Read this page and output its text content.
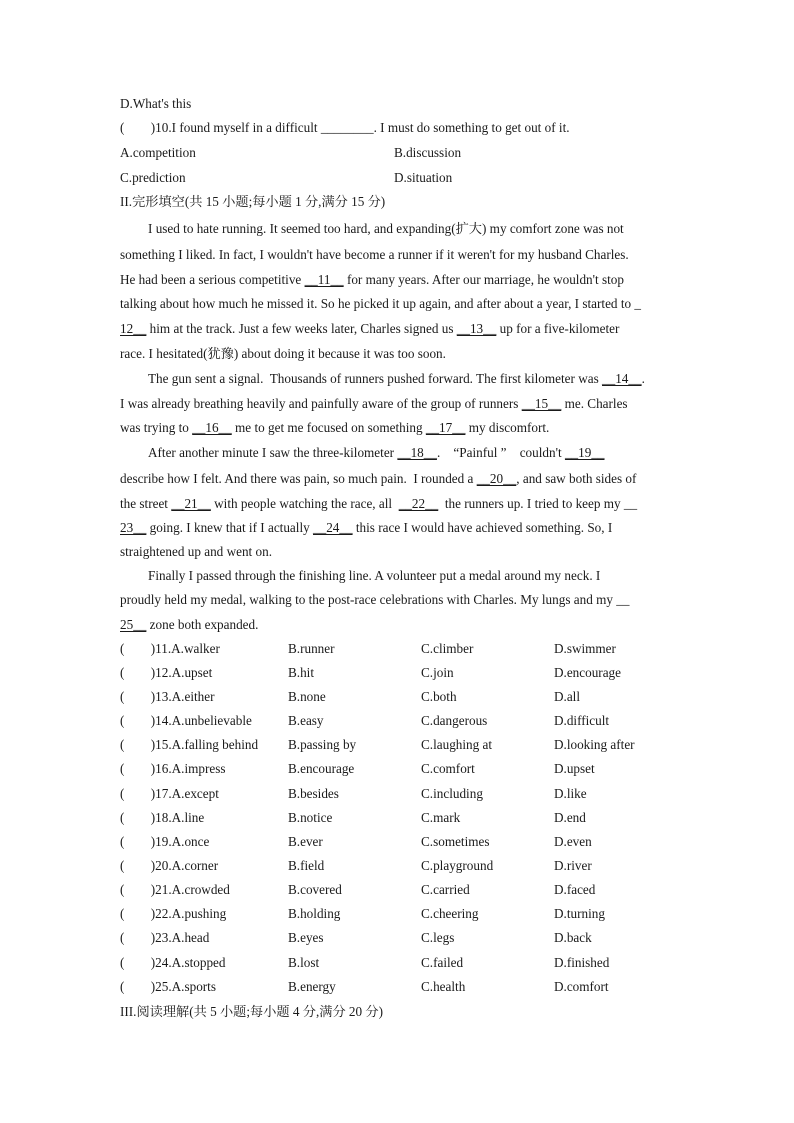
D.What's this
(        )10.I found myself in a difficult ________. I must do something to get out of it.
A.competition	B.discussion
C.prediction	D.situation
II.完形填空(共 15 小题;每小题 1 分,满分 15 分)
I used to hate running. It seemed too hard, and expanding(扩大) my comfort zone was not
something I liked. In fact, I wouldn't have become a runner if it weren't for my husband Charles.
He had been a serious competitive __11__ for many years. After our marriage, he wouldn't stop
talking about how much he missed it. So he picked it up again, and after about a year, I started to _
12__ him at the track. Just a few weeks later, Charles signed us __13__ up for a five-kilometer
race. I hesitated(犹豫) about doing it because it was too soon.
The gun sent a signal.  Thousands of runners pushed forward. The first kilometer was __14__.
I was already breathing heavily and painfully aware of the group of runners __15__ me. Charles
was trying to __16__ me to get me focused on something __17__ my discomfort.
After another minute I saw the three-kilometer __18__.    “Painful ”    couldn't __19__
describe how I felt. And there was pain, so much pain.  I rounded a __20__, and saw both sides of
the street __21__ with people watching the race, all  __22__  the runners up. I tried to keep my __
23__ going. I knew that if I actually __24__ this race I would have achieved something. So, I
straightened up and went on.
Finally I passed through the finishing line. A volunteer put a medal around my neck. I
proudly held my medal, walking to the post-race celebrations with Charles. My lungs and my __
25__ zone both expanded.
(        )11.A.walker	B.runner	C.climber	D.swimmer
(        )12.A.upset	B.hit	C.join	D.encourage
(        )13.A.either	B.none	C.both	D.all
(        )14.A.unbelievable	B.easy	C.dangerous	D.difficult
(        )15.A.falling behind B.passing by	C.laughing at	D.looking after
(        )16.A.impress	B.encourage	C.comfort	D.upset
(        )17.A.except	B.besides	C.including	D.like
(        )18.A.line	B.notice	C.mark	D.end
(        )19.A.once	B.ever	C.sometimes	D.even
(        )20.A.corner	B.field	C.playground	D.river
(        )21.A.crowded	B.covered	C.carried	D.faced
(        )22.A.pushing	B.holding	C.cheering	D.turning
(        )23.A.head	B.eyes	C.legs	D.back
(        )24.A.stopped	B.lost	C.failed	D.finished
(        )25.A.sports	B.energy	C.health	D.comfort
III.阅读理解(共 5 小题;每小题 4 分,满分 20 分)
